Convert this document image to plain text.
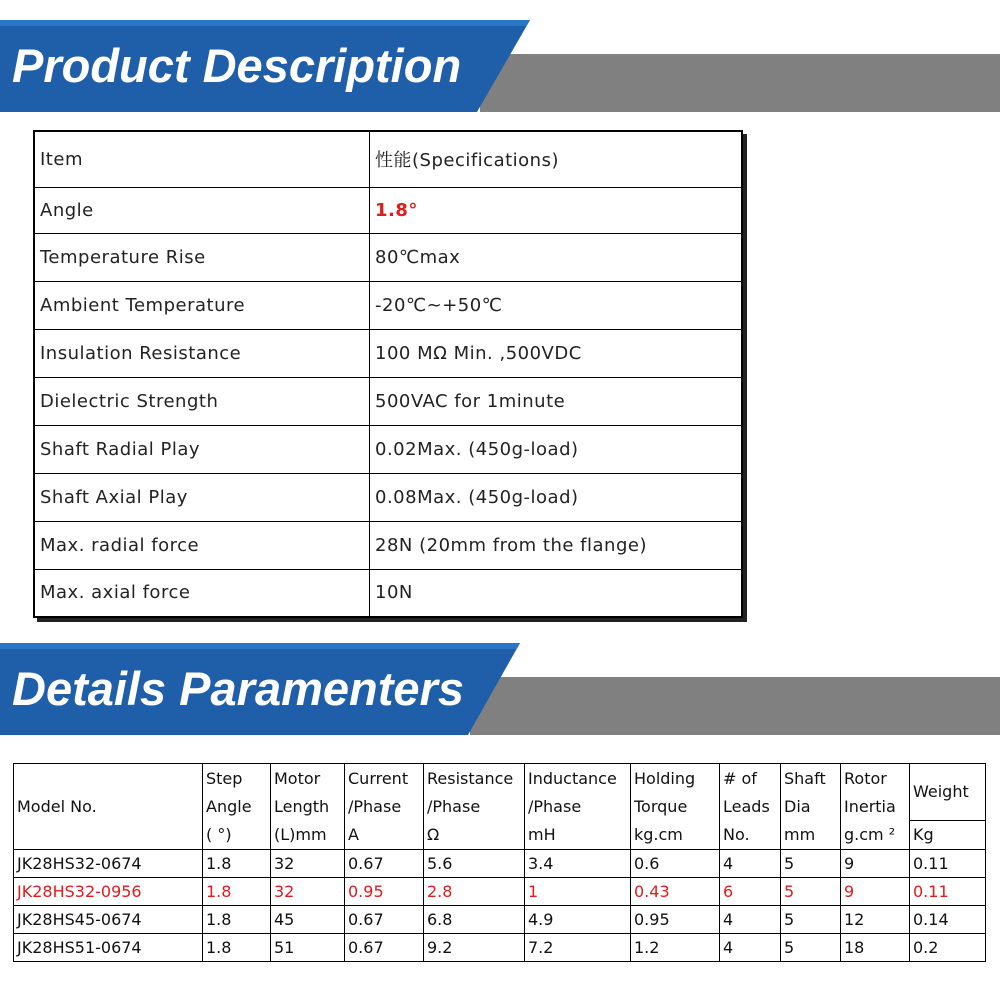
Product Description
Item	性能(Specifications)
Angle	1.8°
Temperature Rise	80℃max
Ambient Temperature	-20℃~+50℃
Insulation Resistance	100 MΩ Min. ,500VDC
Dielectric Strength	500VAC for 1minute
Shaft Radial Play	0.02Max. (450g-load)
Shaft Axial Play	0.08Max. (450g-load)
Max. radial force	28N (20mm from the flange)
Max. axial force	10N
Details Paramenters
Model No.	Step	Motor	Current	Resistance	Inductance	Holding	# of	Shaft	Rotor	Weight
	Angle	Length	/Phase	/Phase	/Phase	Torque	Leads	Dia	Inertia	
	( °)	(L)mm	A	Ω	mH	kg.cm	No.	mm	g.cm ²	Kg
JK28HS32-0674	1.8	32	0.67	5.6	3.4	0.6	4	5	9	0.11
JK28HS32-0956	1.8	32	0.95	2.8	1	0.43	6	5	9	0.11
JK28HS45-0674	1.8	45	0.67	6.8	4.9	0.95	4	5	12	0.14
JK28HS51-0674	1.8	51	0.67	9.2	7.2	1.2	4	5	18	0.2
